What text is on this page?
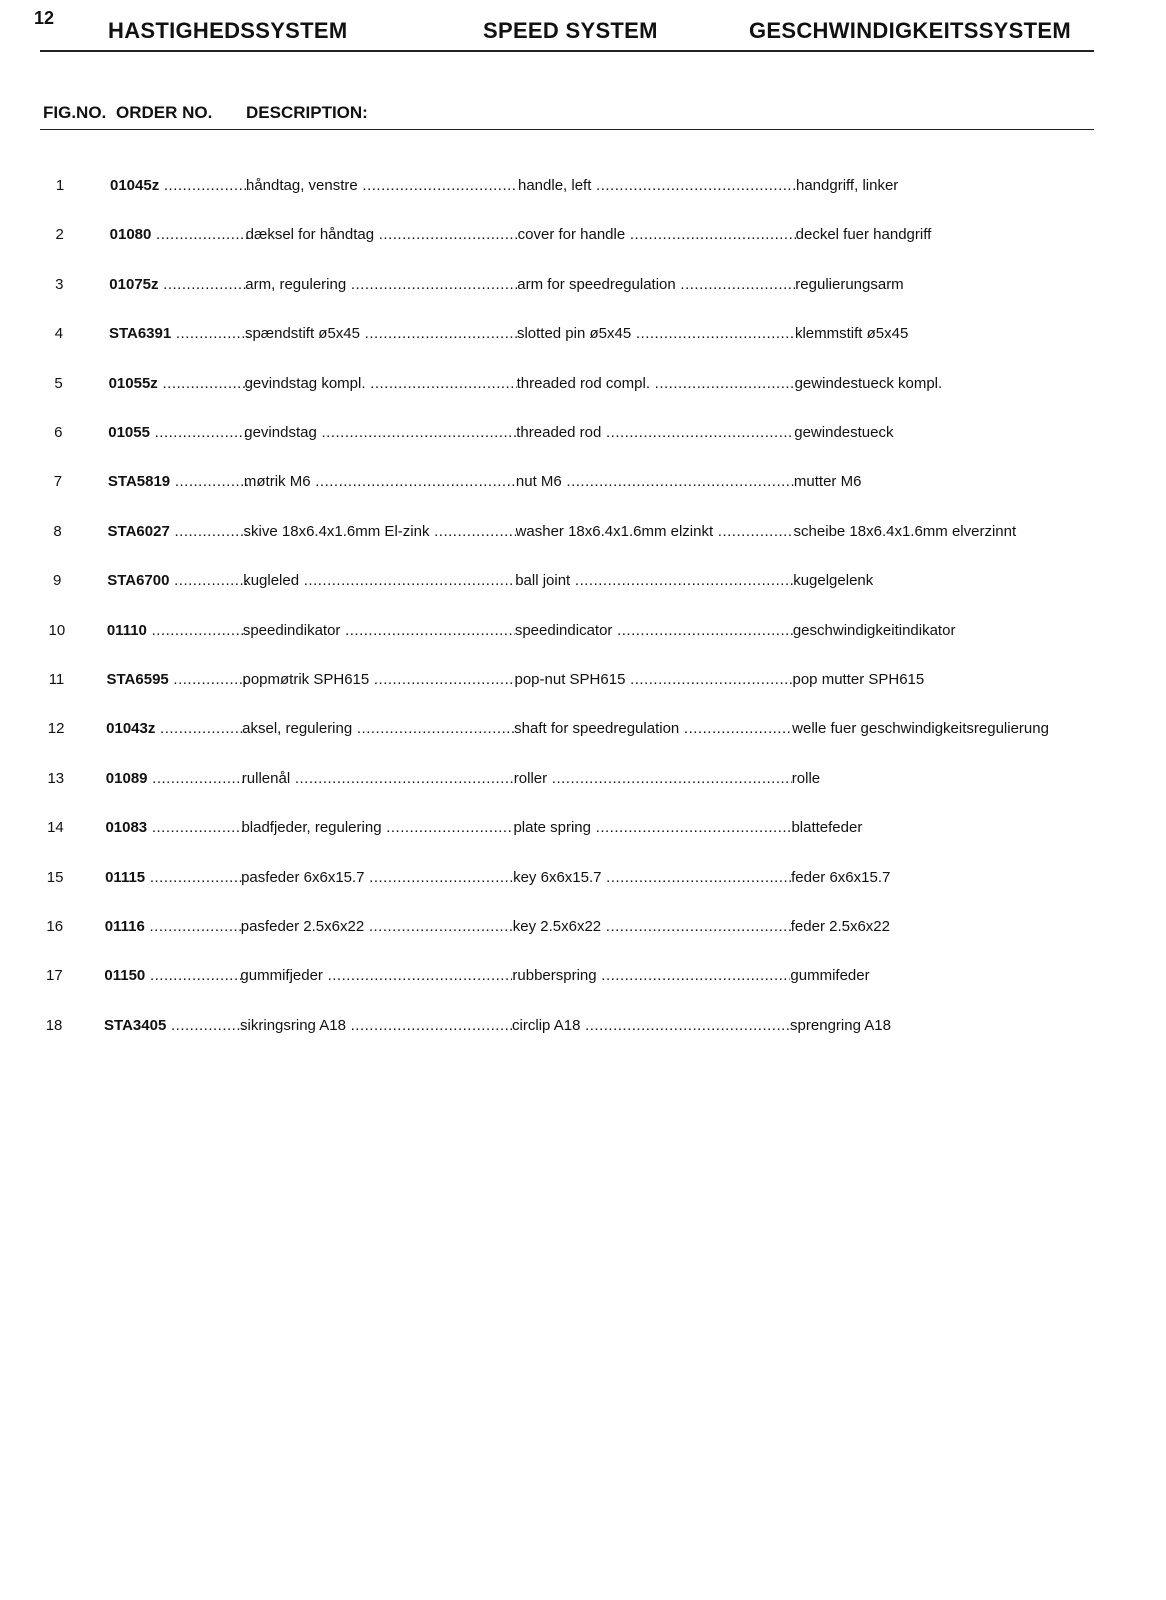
12 HASTIGHEDSSYSTEM	SPEED SYSTEM	GESCHWINDIGKEITSSYSTEM
FIG.NO. ORDER NO. DESCRIPTION:
1	01045z .....	håndtag, venstre .....	handle, left .....	handgriff, linker
2	01080 .....	dæksel for håndtag .....	cover for handle .....	deckel fuer handgriff
3	01075z .....	arm, regulering .....	arm for speedregulation .....	regulierungsarm
4	STA6391 .....	spændstift ø5x45 .....	slotted pin ø5x45 .....	klemmstift ø5x45
5	01055z .....	gevindstag kompl. .....	threaded rod compl. .....	gewindestueck kompl.
6	01055 .....	gevindstag .....	threaded rod .....	gewindestueck
7	STA5819 .....	møtrik M6 .....	nut M6 .....	mutter M6
8	STA6027 .....	skive 18x6.4x1.6mm El-zink .....	washer 18x6.4x1.6mm elzinkt .....	scheibe 18x6.4x1.6mm elverzinnt
9	STA6700 .....	kugleled .....	ball joint .....	kugelgelenk
10	01110 .....	speedindikator .....	speedindicator .....	geschwindigkeitindikator
11	STA6595 .....	popmøtrik SPH615 .....	pop-nut SPH615 .....	pop mutter SPH615
12	01043z .....	aksel, regulering .....	shaft for speedregulation .....	welle fuer geschwindigkeitsregulierung
13	01089 .....	rullenål .....	roller .....	rolle
14	01083 .....	bladfjeder, regulering .....	plate spring .....	blattefeder
15	01115 .....	pasfeder 6x6x15.7 .....	key 6x6x15.7 .....	feder 6x6x15.7
16	01116 .....	pasfeder 2.5x6x22 .....	key 2.5x6x22 .....	feder 2.5x6x22
17	01150 .....	gummifjeder .....	rubberspring .....	gummifeder
18	STA3405 .....	sikringsring A18 .....	circlip A18 .....	sprengring A18
